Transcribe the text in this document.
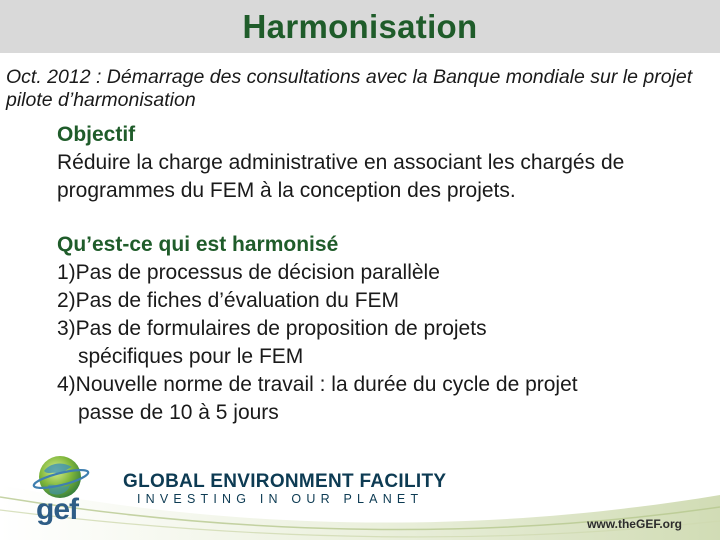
Harmonisation
Oct. 2012 : Démarrage des consultations avec la Banque mondiale sur le projet pilote d’harmonisation
Objectif
Réduire la charge administrative en associant les chargés de programmes du FEM à la conception des projets.
Qu’est-ce qui est harmonisé
1)Pas de processus de décision parallèle
2)Pas de fiches d’évaluation du FEM
3)Pas de formulaires de proposition de projets
spécifiques pour le FEM
4)Nouvelle norme de travail : la durée du cycle de projet
passe de 10 à 5 jours
gef
GLOBAL ENVIRONMENT FACILITY
INVESTING IN OUR PLANET
www.theGEF.org
